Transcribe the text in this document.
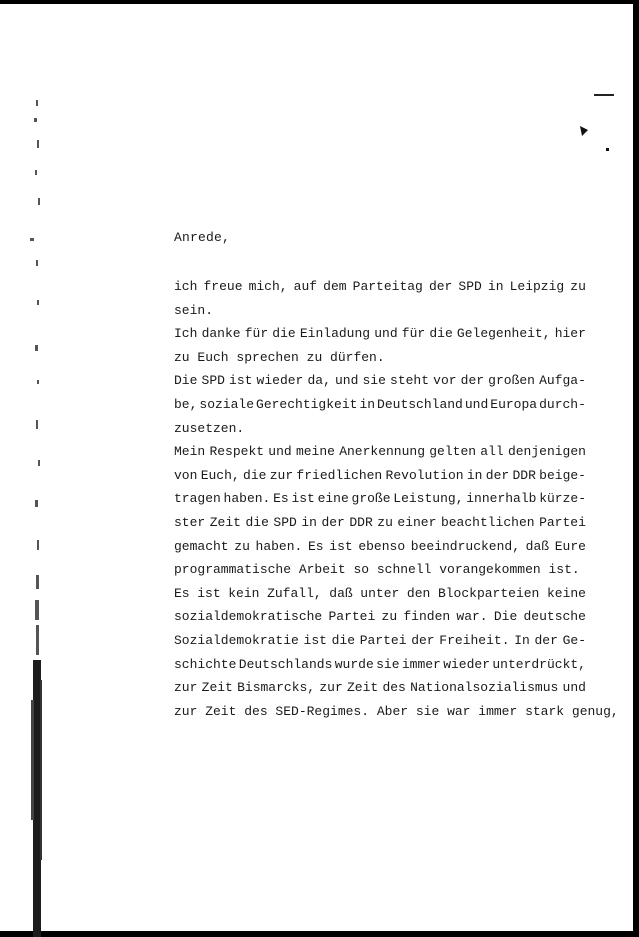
Anrede,
ich freue mich, auf dem Parteitag der SPD in Leipzig zu
sein.
Ich danke für die Einladung und für die Gelegenheit, hier
zu Euch sprechen zu dürfen.
Die SPD ist wieder da, und sie steht vor der großen Aufga-
be, soziale Gerechtigkeit in Deutschland und Europa durch-
zusetzen.
Mein Respekt und meine Anerkennung gelten all denjenigen
von Euch, die zur friedlichen Revolution in der DDR beige-
tragen haben. Es ist eine große Leistung, innerhalb kürze-
ster Zeit die SPD in der DDR zu einer beachtlichen Partei
gemacht zu haben. Es ist ebenso beeindruckend, daß Eure
programmatische Arbeit so schnell vorangekommen ist.
Es ist kein Zufall, daß unter den Blockparteien keine
sozialdemokratische Partei zu finden war. Die deutsche
Sozialdemokratie ist die Partei der Freiheit. In der Ge-
schichte Deutschlands wurde sie immer wieder unterdrückt,
zur Zeit Bismarcks, zur Zeit des Nationalsozialismus und
zur Zeit des SED-Regimes. Aber sie war immer stark genug,
